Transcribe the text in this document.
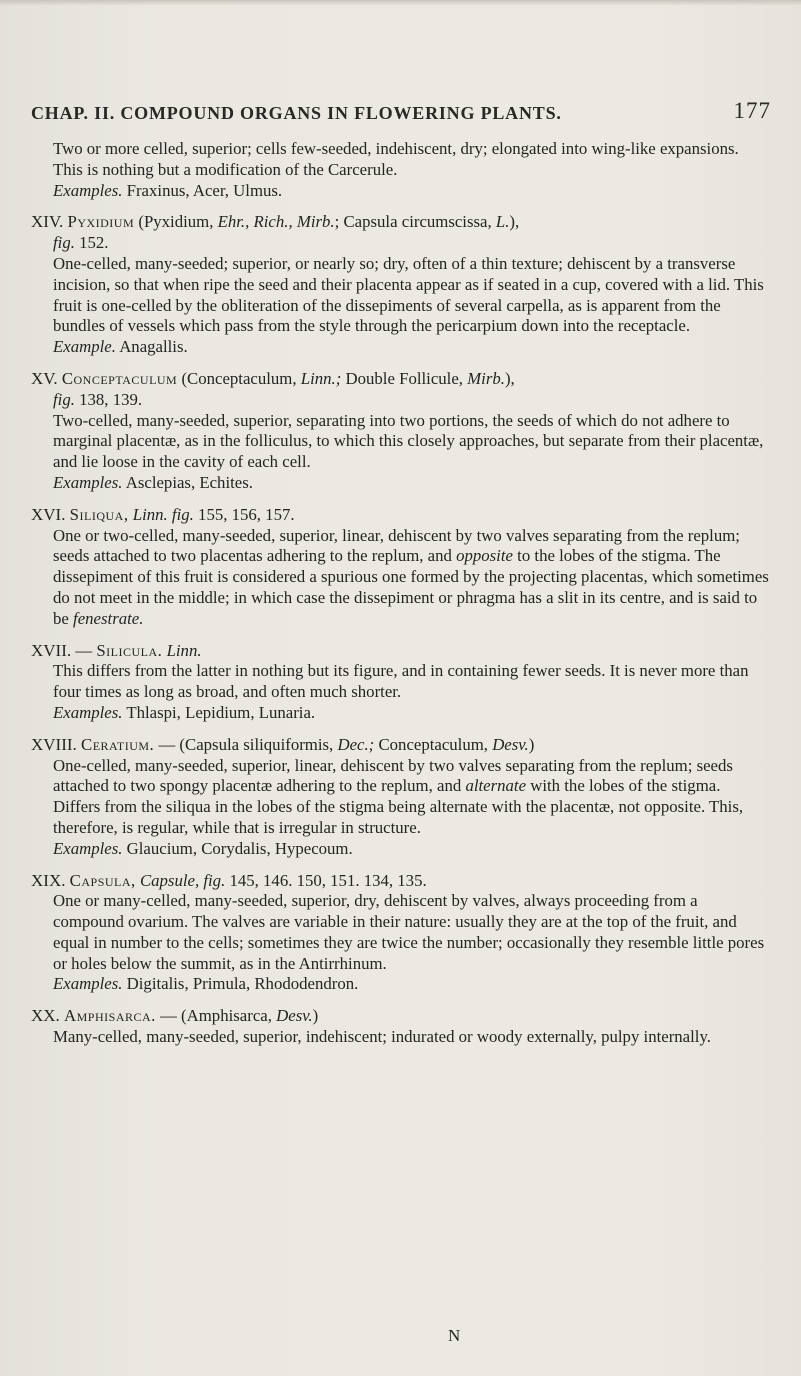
CHAP. II. COMPOUND ORGANS IN FLOWERING PLANTS.	177

Two or more celled, superior; cells few-seeded, indehiscent, dry; elongated into wing-like expansions. This is nothing but a modification of the Carcerule.

Examples. Fraxinus, Acer, Ulmus.

XIV. Pyxidium (Pyxidium, Ehr., Rich., Mirb.; Capsula circumscissa, L.),

fig. 152.

One-celled, many-seeded; superior, or nearly so; dry, often of a thin texture; dehiscent by a transverse incision, so that when ripe the seed and their placenta appear as if seated in a cup, covered with a lid. This fruit is one-celled by the obliteration of the dissepiments of several carpella, as is apparent from the bundles of vessels which pass from the style through the pericarpium down into the receptacle.

Example. Anagallis.

XV. Conceptaculum (Conceptaculum, Linn.; Double Follicule, Mirb.),

fig. 138, 139.

Two-celled, many-seeded, superior, separating into two portions, the seeds of which do not adhere to marginal placentæ, as in the folliculus, to which this closely approaches, but separate from their placentæ, and lie loose in the cavity of each cell.

Examples. Asclepias, Echites.

XVI. Siliqua, Linn. fig. 155, 156, 157.

One or two-celled, many-seeded, superior, linear, dehiscent by two valves separating from the replum; seeds attached to two placentas adhering to the replum, and opposite to the lobes of the stigma. The dissepiment of this fruit is considered a spurious one formed by the projecting placentas, which sometimes do not meet in the middle; in which case the dissepiment or phragma has a slit in its centre, and is said to be fenestrate.

XVII. — Silicula. Linn.

This differs from the latter in nothing but its figure, and in containing fewer seeds. It is never more than four times as long as broad, and often much shorter.

Examples. Thlaspi, Lepidium, Lunaria.

XVIII. Ceratium. — (Capsula siliquiformis, Dec.; Conceptaculum, Desv.)

One-celled, many-seeded, superior, linear, dehiscent by two valves separating from the replum; seeds attached to two spongy placentæ adhering to the replum, and alternate with the lobes of the stigma. Differs from the siliqua in the lobes of the stigma being alternate with the placentæ, not opposite. This, therefore, is regular, while that is irregular in structure.

Examples. Glaucium, Corydalis, Hypecoum.

XIX. Capsula, Capsule, fig. 145, 146. 150, 151. 134, 135.

One or many-celled, many-seeded, superior, dry, dehiscent by valves, always proceeding from a compound ovarium. The valves are variable in their nature: usually they are at the top of the fruit, and equal in number to the cells; sometimes they are twice the number; occasionally they resemble little pores or holes below the summit, as in the Antirrhinum.

Examples. Digitalis, Primula, Rhododendron.

XX. Amphisarca. — (Amphisarca, Desv.)

Many-celled, many-seeded, superior, indehiscent; indurated or woody externally, pulpy internally.

N
